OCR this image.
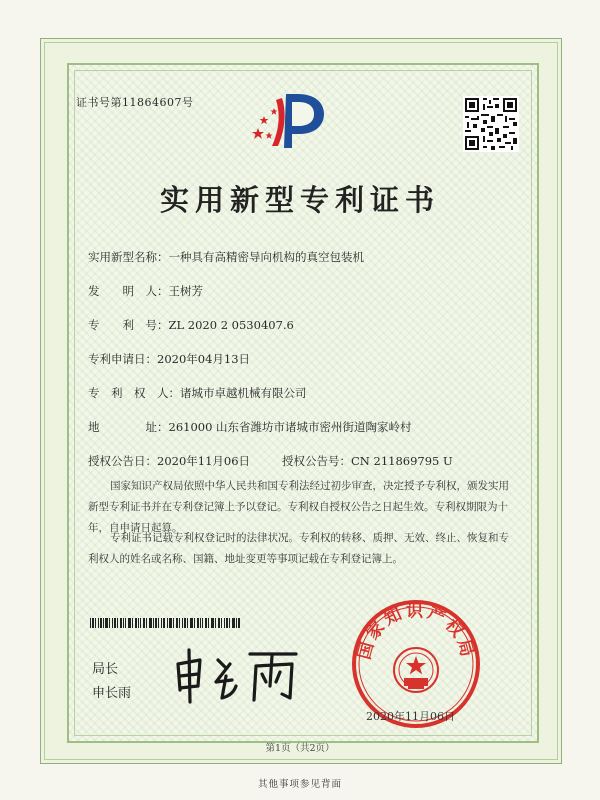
证书号第11864607号
实用新型专利证书
实用新型名称：一种具有高精密导向机构的真空包装机
发　　明　人：王树芳
专　　利　号：ZL 2020 2 0530407.6
专利申请日：2020年04月13日
专　利　权　人：诸城市卓越机械有限公司
地　　　　址：261000 山东省潍坊市诸城市密州街道陶家岭村
授权公告日：2020年11月06日	授权公告号：CN 211869795 U
国家知识产权局依照中华人民共和国专利法经过初步审查，决定授予专利权，颁发实用新型专利证书并在专利登记簿上予以登记。专利权自授权公告之日起生效。专利权期限为十年，自申请日起算。
专利证书记载专利权登记时的法律状况。专利权的转移、质押、无效、终止、恢复和专利权人的姓名或名称、国籍、地址变更等事项记载在专利登记簿上。
局长
申长雨
国家知识产权局
2020年11月06日
第1页（共2页）
其他事项参见背面
